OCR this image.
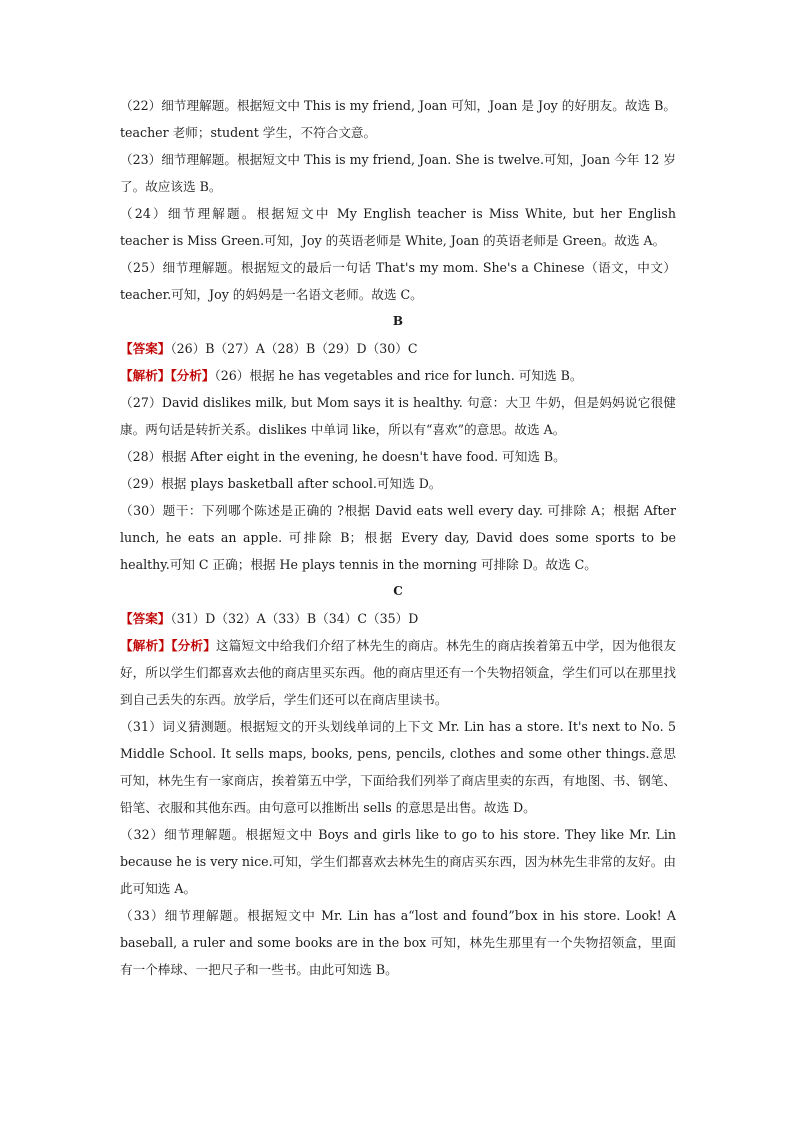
（22）细节理解题。根据短文中 This is my friend, Joan 可知，Joan 是 Joy 的好朋友。故选 B。teacher 老师；student 学生，不符合文意。

（23）细节理解题。根据短文中 This is my friend, Joan. She is twelve.可知，Joan 今年 12 岁了。故应该选 B。

（24）细节理解题。根据短文中 My English teacher is Miss White, but her English teacher is Miss Green.可知，Joy 的英语老师是 White, Joan 的英语老师是 Green。故选 A。

（25）细节理解题。根据短文的最后一句话 That's my mom. She's a Chinese（语文，中文）teacher.可知，Joy 的妈妈是一名语文老师。故选 C。

B

【答案】（26）B（27）A（28）B（29）D（30）C

【解析】【分析】（26）根据 he has vegetables and rice for lunch. 可知选 B。

（27）David dislikes milk, but Mom says it is healthy. 句意：大卫 牛奶，但是妈妈说它很健康。两句话是转折关系。dislikes 中单词 like，所以有“喜欢”的意思。故选 A。

（28）根据 After eight in the evening, he doesn't have food. 可知选 B。

（29）根据 plays basketball after school.可知选 D。

（30）题干：下列哪个陈述是正确的 ?根据 David eats well every day. 可排除 A；根据 After lunch, he eats an apple. 可排除 B；根据 Every day, David does some sports to be healthy.可知 C 正确；根据 He plays tennis in the morning 可排除 D。故选 C。

C

【答案】（31）D（32）A（33）B（34）C（35）D

【解析】【分析】这篇短文中给我们介绍了林先生的商店。林先生的商店挨着第五中学，因为他很友好，所以学生们都喜欢去他的商店里买东西。他的商店里还有一个失物招领盒，学生们可以在那里找到自己丢失的东西。放学后，学生们还可以在商店里读书。

（31）词义猜测题。根据短文的开头划线单词的上下文 Mr. Lin has a store. It's next to No. 5 Middle School. It sells maps, books, pens, pencils, clothes and some other things.意思可知，林先生有一家商店，挨着第五中学，下面给我们列举了商店里卖的东西，有地图、书、钢笔、铅笔、衣服和其他东西。由句意可以推断出 sells 的意思是出售。故选 D。

（32）细节理解题。根据短文中 Boys and girls like to go to his store. They like Mr. Lin because he is very nice.可知，学生们都喜欢去林先生的商店买东西，因为林先生非常的友好。由此可知选 A。

（33）细节理解题。根据短文中 Mr. Lin has a“lost and found”box in his store. Look! A baseball, a ruler and some books are in the box 可知，林先生那里有一个失物招领盒，里面有一个棒球、一把尺子和一些书。由此可知选 B。
